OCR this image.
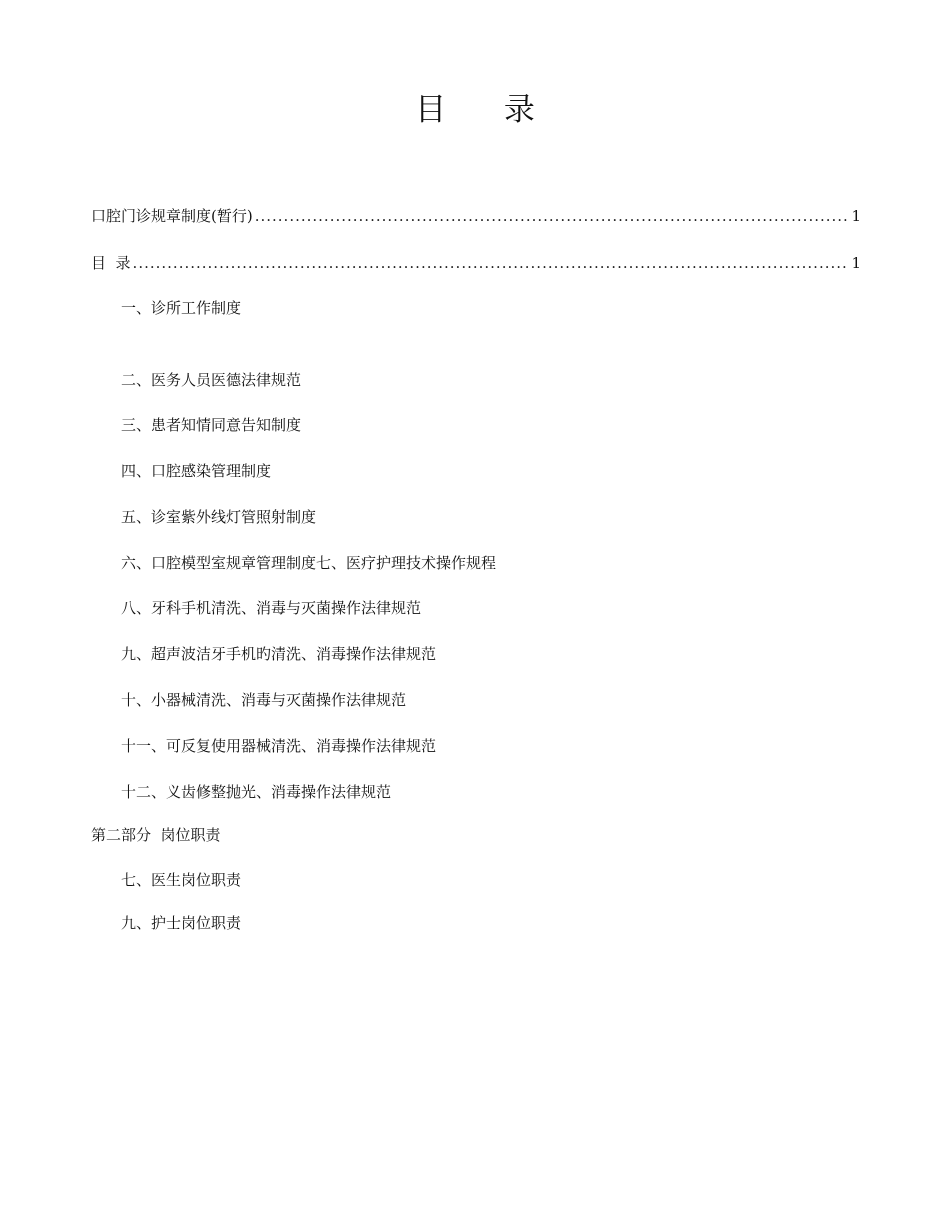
目 录
口腔门诊规章制度(暂行) .....	1
目  录 .....	1
一、诊所工作制度
二、医务人员医德法律规范
三、患者知情同意告知制度
四、口腔感染管理制度
五、诊室紫外线灯管照射制度
六、口腔模型室规章管理制度七、医疗护理技术操作规程
八、牙科手机清洗、消毒与灭菌操作法律规范
九、超声波洁牙手机旳清洗、消毒操作法律规范
十、小器械清洗、消毒与灭菌操作法律规范
十一、可反复使用器械清洗、消毒操作法律规范
十二、义齿修整抛光、消毒操作法律规范
第二部分  岗位职责
七、医生岗位职责
九、护士岗位职责
